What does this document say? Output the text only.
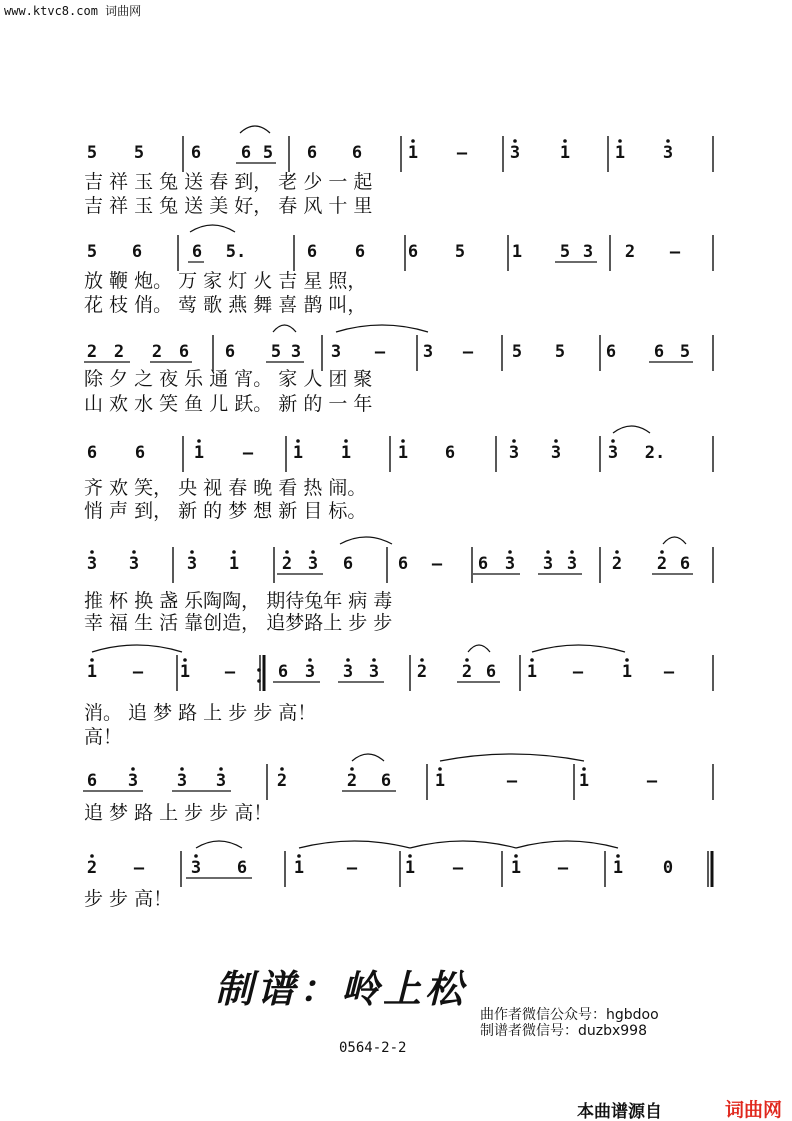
www.ktvc8.com 词曲网
5 5	6 6 5 6 6	1 –	3 1	1 3
吉 祥 玉 兔 送 春 到， 老 少 一 起
吉 祥 玉 兔 送 美 好， 春 风 十 里
5 6	6 5.	6 6	6 5	1 5 3 2 –
放 鞭 炮。 万 家 灯 火 吉 星 照，
花 枝 俏。 莺 歌 燕 舞 喜 鹊 叫，
2 2 2 6 6 5 3 3 – 3 – 5 5 6 6 5
除 夕 之 夜 乐 通 宵。 家 人 团 聚
山 欢 水 笑 鱼 儿 跃。 新 的 一 年
6 6	1 – 1 1	1 6	3 3	3 2.
齐 欢 笑， 央 视 春 晚 看 热 闹。
悄 声 到， 新 的 梦 想 新 目 标。
3 3	3 1	2 3 6	6 – 6 3 3 3 2 2 6
推 杯 换 盏 乐陶陶， 期待兔年 病 毒
幸 福 生 活 靠创造， 追梦路上 步 步
1 – 1 –	6 3 3 3 2 2 6 1 – 1 –
消。 追 梦 路 上 步 步 高！
高！
6 3 3 3	2	2 6	1	–	1	–
追 梦 路 上 步 步 高！
2 –	3 6	1	–	1 –	1 –	1 0
步 步 高！
制谱：岭上松
曲作者微信公众号：hgbdoo
制谱者微信号：duzbx998
0564-2-2
本曲谱源自	词曲网
